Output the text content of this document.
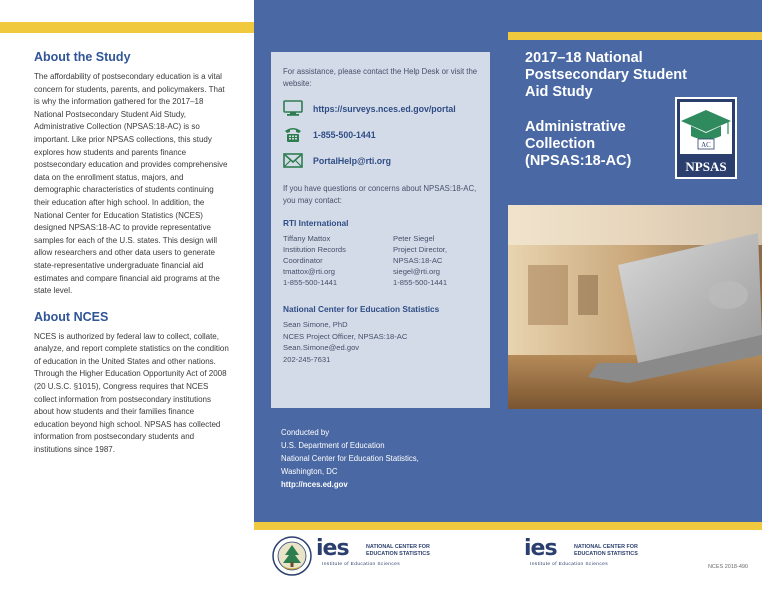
About the Study

The affordability of postsecondary education is a vital concern for students, parents, and policymakers. That is why the information gathered for the 2017–18 National Postsecondary Student Aid Study, Administrative Collection (NPSAS:18-AC) is so important. Like prior NPSAS collections, this study explores how students and parents finance postsecondary education and provides comprehensive data on the enrollment status, majors, and demographic characteristics of students continuing their education after high school. In addition, the National Center for Education Statistics (NCES) designed NPSAS:18-AC to provide representative samples for each of the U.S. states. This design will allow researchers and other data users to generate state-representative undergraduate financial aid estimates and compare financial aid programs at the state level.

About NCES

NCES is authorized by federal law to collect, collate, analyze, and report complete statistics on the condition of education in the United States and other nations. Through the Higher Education Opportunity Act of 2008 (20 U.S.C. §1015), Congress requires that NCES collect information from postsecondary institutions about how students and their families finance education beyond high school. NPSAS has collected information from postsecondary students and institutions since 1987.

For assistance, please contact the Help Desk or visit the website:
https://surveys.nces.ed.gov/portal
1-855-500-1441
PortalHelp@rti.org
If you have questions or concerns about NPSAS:18-AC, you may contact:
RTI International
Tiffany Mattox
Institution Records
Coordinator
tmattox@rti.org
1-855-500-1441
Peter Siegel
Project Director,
NPSAS:18-AC
siegel@rti.org
1-855-500-1441
National Center for Education Statistics
Sean Simone, PhD
NCES Project Officer, NPSAS:18-AC
Sean.Simone@ed.gov
202-245-7631
Conducted by
U.S. Department of Education
National Center for Education Statistics,
Washington, DC
http://nces.ed.gov
ies	NATIONAL CENTER FOR
EDUCATION STATISTICS
Institute of Education Sciences
2017–18 National
Postsecondary Student
Aid Study
Administrative
Collection
(NPSAS:18-AC)
AC
NPSAS
ies	NATIONAL CENTER FOR
EDUCATION STATISTICS
Institute of Education Sciences	NCES 2018-490
